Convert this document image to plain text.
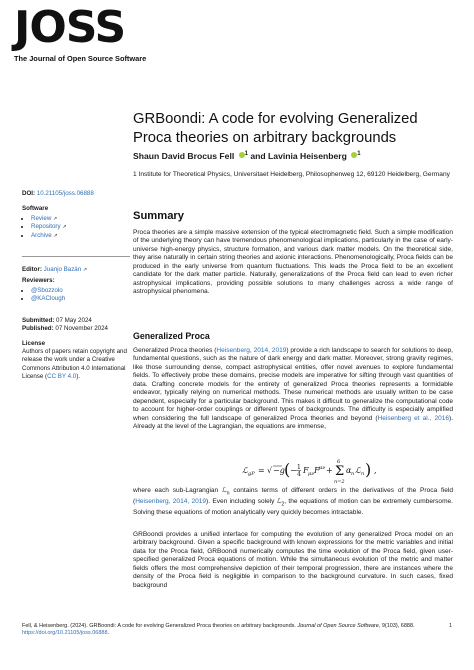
JOSS
The Journal of Open Source Software
GRBoondi: A code for evolving Generalized Proca theories on arbitrary backgrounds
Shaun David Brocus Fell $^1$ and Lavinia Heisenberg $^1$
1 Institute for Theoretical Physics, Universitaet Heidelberg, Philosophenweg 12, 69120 Heidelberg, Germany
DOI: 10.21105/joss.06888
Software
• Review ↗
• Repository ↗
• Archive ↗
Editor: Juanjo Bazán ↗
Reviewers:
• @Sbozzolo
• @KAClough
Submitted: 07 May 2024
Published: 07 November 2024
License
Authors of papers retain copyright and release the work under a Creative Commons Attribution 4.0 International License (CC BY 4.0).
Summary

Proca theories are a simple massive extension of the typical electromagnetic field. Such a simple modification of the underlying theory can have tremendous phenomenological implications, particularly in the case of early-universe high-energy physics, structure formation, and various dark matter models. On the theoretical side, they arise naturally in certain string theories and axionic interactions. Phenomenologically, Proca fields can be produced in the early universe from quantum fluctuations. This leads the Proca field to be an excellent candidate for the dark matter particle. Naturally, generalizations of the Proca field can lead to even richer astrophysical implications, providing possible solutions to many challenges across a wide range of astrophysical phenomena.

Generalized Proca

Generalized Proca theories (Heisenberg, 2014, 2019) provide a rich landscape to search for solutions to deep, fundamental questions, such as the nature of dark energy and dark matter. Moreover, strong gravity regimes, like those surrounding dense, compact astrophysical entities, offer novel avenues to explore fundamental fields. To effectively probe these domains, precise models are imperative for sifting through vast quantities of data. Crafting concrete models for the entirety of generalized Proca theories represents a formidable endeavor, typically relying on numerical methods. These numerical methods are usually written to be case dependent, especially for a particular background. This makes it difficult to generalize the computational code to account for higher-order couplings or different types of backgrounds. The difficulty is especially amplified when considering the full landscape of generalized Proca theories and beyond (Heisenberg et al., 2016). Already at the level of the Lagrangian, the equations are immense,

ℒ gP = √ −g ( − 1
4 F μν F μν + Σ
6
n=2
α n ℒ n ) ,

where each sub-Lagrangian ℒ$_n$ contains terms of different orders in the derivatives of the Proca field (Heisenberg, 2014, 2019). Even including solely ℒ$_2$, the equations of motion can be extremely cumbersome. Solving these equations of motion analytically very quickly becomes intractable.

GRBoondi provides a unified interface for computing the evolution of any generalized Proca model on an arbitrary background. Given a specific background with known expressions for the metric variables and initial data for the Proca field, GRBoondi numerically computes the time evolution of the Proca field, given user-specified generalized Proca equations of motion. While the simultaneous evolution of the metric and matter fields offers the most comprehensive depiction of their temporal progression, there are instances where the density of the Proca field is negligible in comparison to the background curvature. In such cases, fixed background

Fell, & Heisenberg. (2024). GRBoondi: A code for evolving Generalized Proca theories on arbitrary backgrounds. Journal of Open Source Software, 9(103), 6888. https://doi.org/10.21105/joss.06888.
1
